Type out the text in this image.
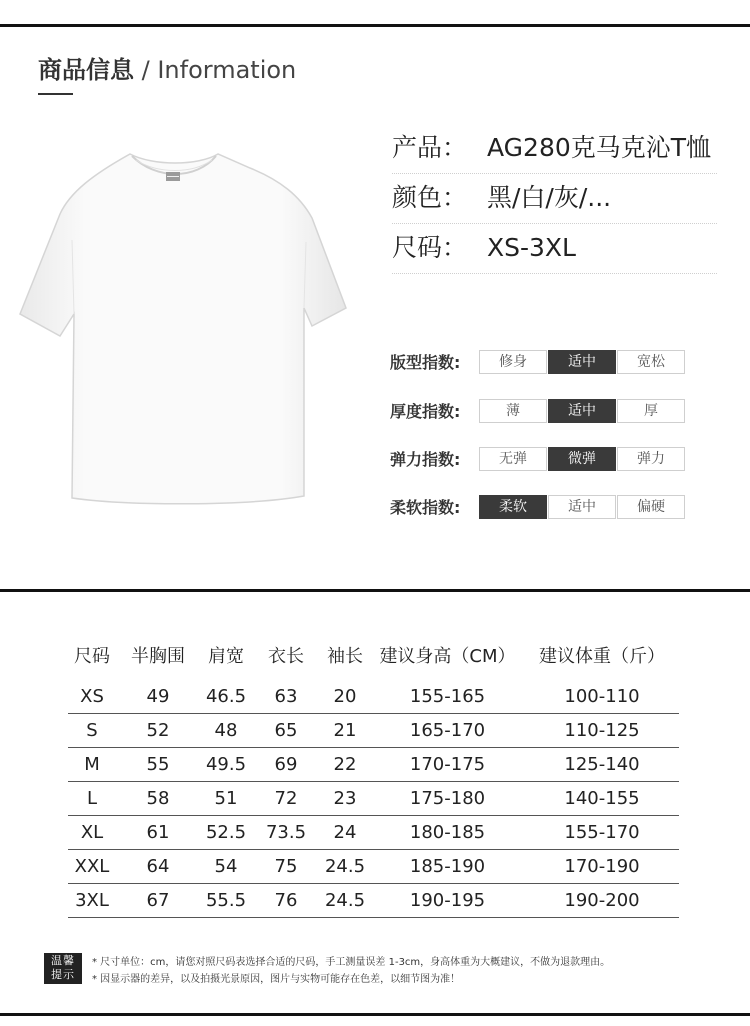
商品信息 / Information
产品： AG280克马克沁T恤
颜色： 黑/白/灰/...
尺码： XS-3XL
版型指数:	修身	适中	宽松
厚度指数:	薄	适中	厚
弹力指数:	无弹	微弹	弹力
柔软指数:	柔软	适中	偏硬
尺码	半胸围	肩宽	衣长	袖长	建议身高（CM）	建议体重（斤）
XS	49	46.5	63	20	155-165	100-110
S	52	48	65	21	165-170	110-125
M	55	49.5	69	22	170-175	125-140
L	58	51	72	23	175-180	140-155
XL	61	52.5	73.5	24	180-185	155-170
XXL	64	54	75	24.5	185-190	170-190
3XL	67	55.5	76	24.5	190-195	190-200
温馨
提示
* 尺寸单位：cm，请您对照尺码表选择合适的尺码，手工测量误差 1-3cm，身高体重为大概建议，不做为退款理由。
* 因显示器的差异，以及拍摄光景原因，图片与实物可能存在色差，以细节图为准！
